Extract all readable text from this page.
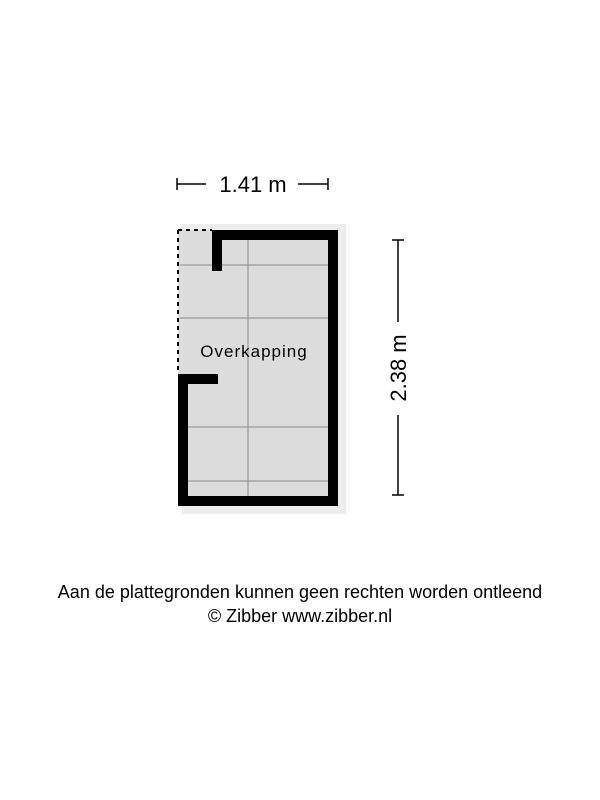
Overkapping
1.41 m
2.38 m
Aan de plattegronden kunnen geen rechten worden ontleend
© Zibber www.zibber.nl
